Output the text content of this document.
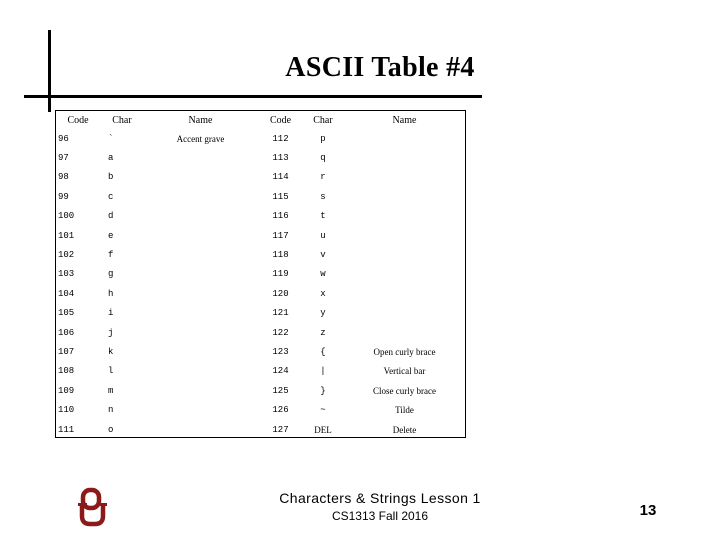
ASCII Table #4
Code	Char	Name	Code	Char	Name
96	`	Accent grave	112	p	
97	a		113	q	
98	b		114	r	
99	c		115	s	
100	d		116	t	
101	e		117	u	
102	f		118	v	
103	g		119	w	
104	h		120	x	
105	i		121	y	
106	j		122	z	
107	k		123	{	Open curly brace
108	l		124	|	Vertical bar
109	m		125	}	Close curly brace
110	n		126	~	Tilde
111	o		127	DEL	Delete
Characters & Strings Lesson 1
CS1313 Fall 2016	13
